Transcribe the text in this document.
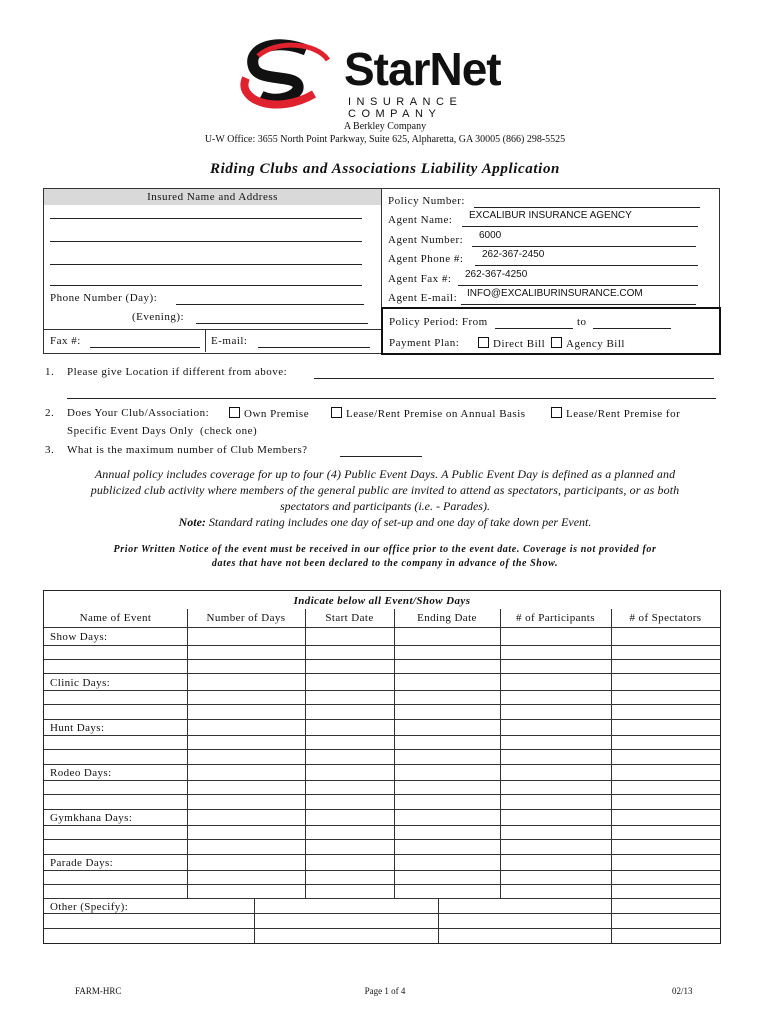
StarNet
INSURANCE COMPANY
A Berkley Company
U-W Office: 3655 North Point Parkway, Suite 625, Alpharetta, GA 30005 (866) 298-5525
Riding Clubs and Associations Liability Application
Insured Name and Address
Phone Number (Day):
(Evening):
Fax #:	E-mail:
Policy Number:
Agent Name: EXCALIBUR INSURANCE AGENCY
Agent Number: 6000
Agent Phone #: 262-367-2450
Agent Fax #: 262-367-4250
Agent E-mail: INFO@EXCALIBURINSURANCE.COM
Policy Period: From	to
Payment Plan:	Direct Bill	Agency Bill
1. Please give Location if different from above:
2. Does Your Club/Association:	Own Premise	Lease/Rent Premise on Annual Basis	Lease/Rent Premise for
Specific Event Days Only  (check one)
3. What is the maximum number of Club Members?
Annual policy includes coverage for up to four (4) Public Event Days. A Public Event Day is defined as a planned and
publicized club activity where members of the general public are invited to attend as spectators, participants, or as both
spectators and participants (i.e. - Parades).
Note: Standard rating includes one day of set-up and one day of take down per Event.
Prior Written Notice of the event must be received in our office prior to the event date. Coverage is not provided for
dates that have not been declared to the company in advance of the Show.
Indicate below all Event/Show Days
Name of Event	Number of Days	Start Date	Ending Date	# of Participants	# of Spectators
Show Days:
Clinic Days:
Hunt Days:
Rodeo Days:
Gymkhana Days:
Parade Days:
Other (Specify):
FARM-HRC	Page 1 of 4	02/13
